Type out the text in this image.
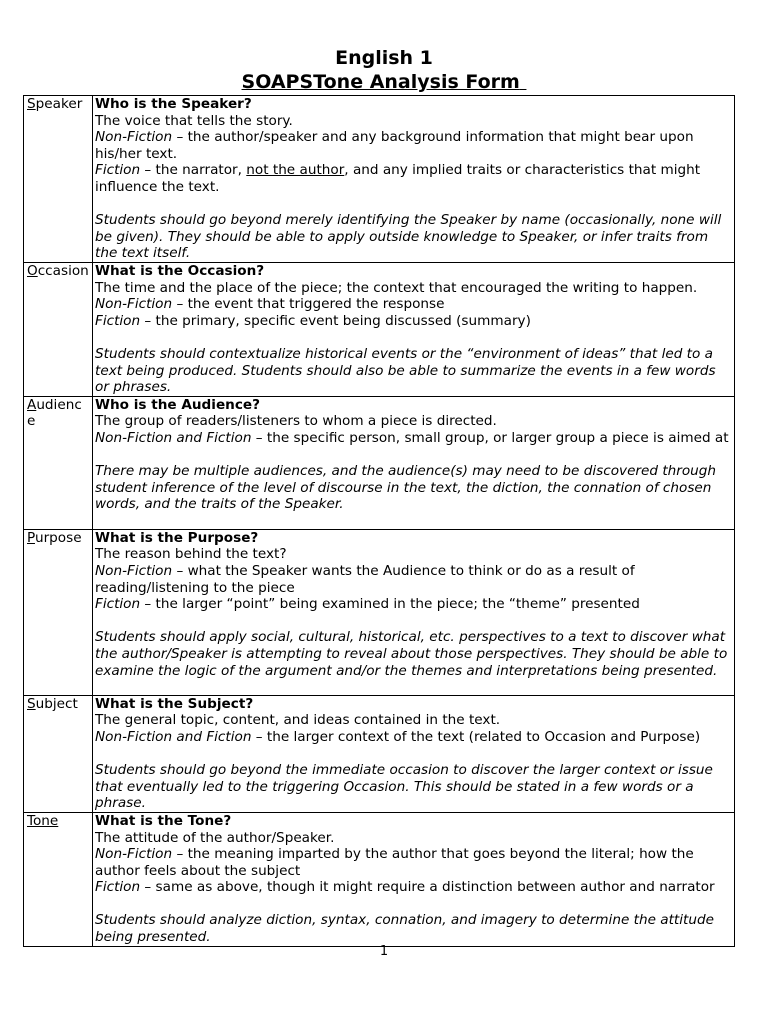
English 1
SOAPSTone Analysis Form
Speaker	Who is the Speaker?
The voice that tells the story.
Non-Fiction – the author/speaker and any background information that might bear upon his/her text.
Fiction – the narrator, not the author, and any implied traits or characteristics that might influence the text.
Students should go beyond merely identifying the Speaker by name (occasionally, none will be given). They should be able to apply outside knowledge to Speaker, or infer traits from the text itself.

Occasion	What is the Occasion?
The time and the place of the piece; the context that encouraged the writing to happen.
Non-Fiction – the event that triggered the response
Fiction – the primary, specific event being discussed (summary)
Students should contextualize historical events or the “environment of ideas” that led to a text being produced. Students should also be able to summarize the events in a few words or phrases.

Audience	Who is the Audience?
The group of readers/listeners to whom a piece is directed.
Non-Fiction and Fiction – the specific person, small group, or larger group a piece is aimed at
There may be multiple audiences, and the audience(s) may need to be discovered through student inference of the level of discourse in the text, the diction, the connation of chosen words, and the traits of the Speaker.

Purpose	What is the Purpose?
The reason behind the text?
Non-Fiction – what the Speaker wants the Audience to think or do as a result of reading/listening to the piece
Fiction – the larger “point” being examined in the piece; the “theme” presented
Students should apply social, cultural, historical, etc. perspectives to a text to discover what the author/Speaker is attempting to reveal about those perspectives. They should be able to examine the logic of the argument and/or the themes and interpretations being presented.

Subject	What is the Subject?
The general topic, content, and ideas contained in the text.
Non-Fiction and Fiction – the larger context of the text (related to Occasion and Purpose)
Students should go beyond the immediate occasion to discover the larger context or issue that eventually led to the triggering Occasion. This should be stated in a few words or a phrase.

Tone	What is the Tone?
The attitude of the author/Speaker.
Non-Fiction – the meaning imparted by the author that goes beyond the literal; how the author feels about the subject
Fiction – same as above, though it might require a distinction between author and narrator
Students should analyze diction, syntax, connation, and imagery to determine the attitude being presented.
1
